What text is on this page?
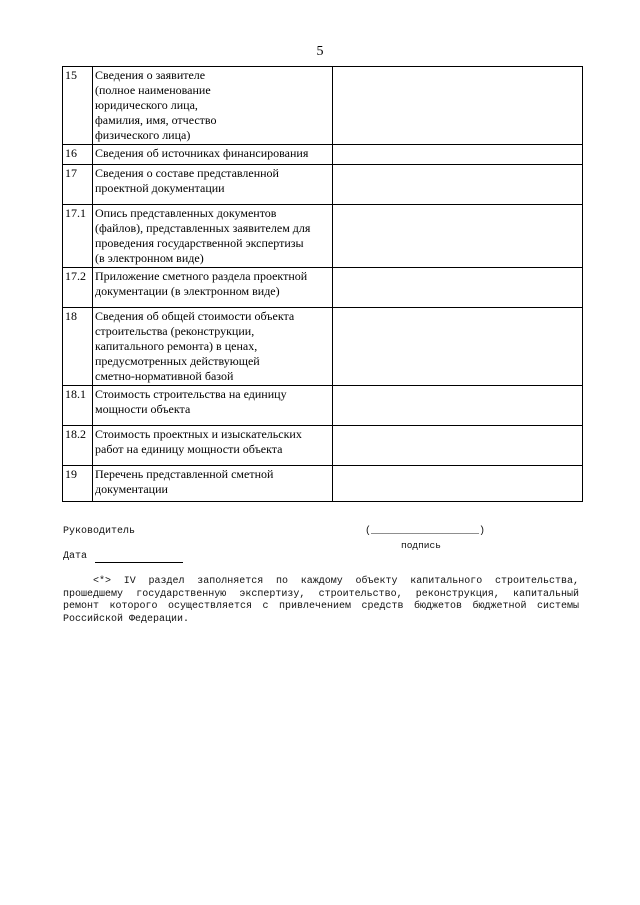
5
15	Сведения о заявителе
(полное наименование
юридического лица,
фамилия, имя, отчество
физического лица)	
16	Сведения об источниках финансирования	
17	Сведения о составе представленной
проектной документации	
17.1	Опись представленных документов
(файлов), представленных заявителем для
проведения государственной экспертизы
(в электронном виде)	
17.2	Приложение сметного раздела проектной
документации (в электронном виде)	
18	Сведения об общей стоимости объекта
строительства (реконструкции,
капитального ремонта) в ценах,
предусмотренных действующей
сметно-нормативной базой	
18.1	Стоимость строительства на единицу
мощности объекта	
18.2	Стоимость проектных и изыскательских
работ на единицу мощности объекта	
19	Перечень представленной сметной
документации	
Руководитель	(__________________)
подпись
Дата
<*> IV раздел заполняется по каждому объекту капитального строительства, прошедшему государственную экспертизу, строительство, реконструкция, капитальный ремонт которого осуществляется с привлечением средств бюджетов бюджетной системы Российской Федерации.
